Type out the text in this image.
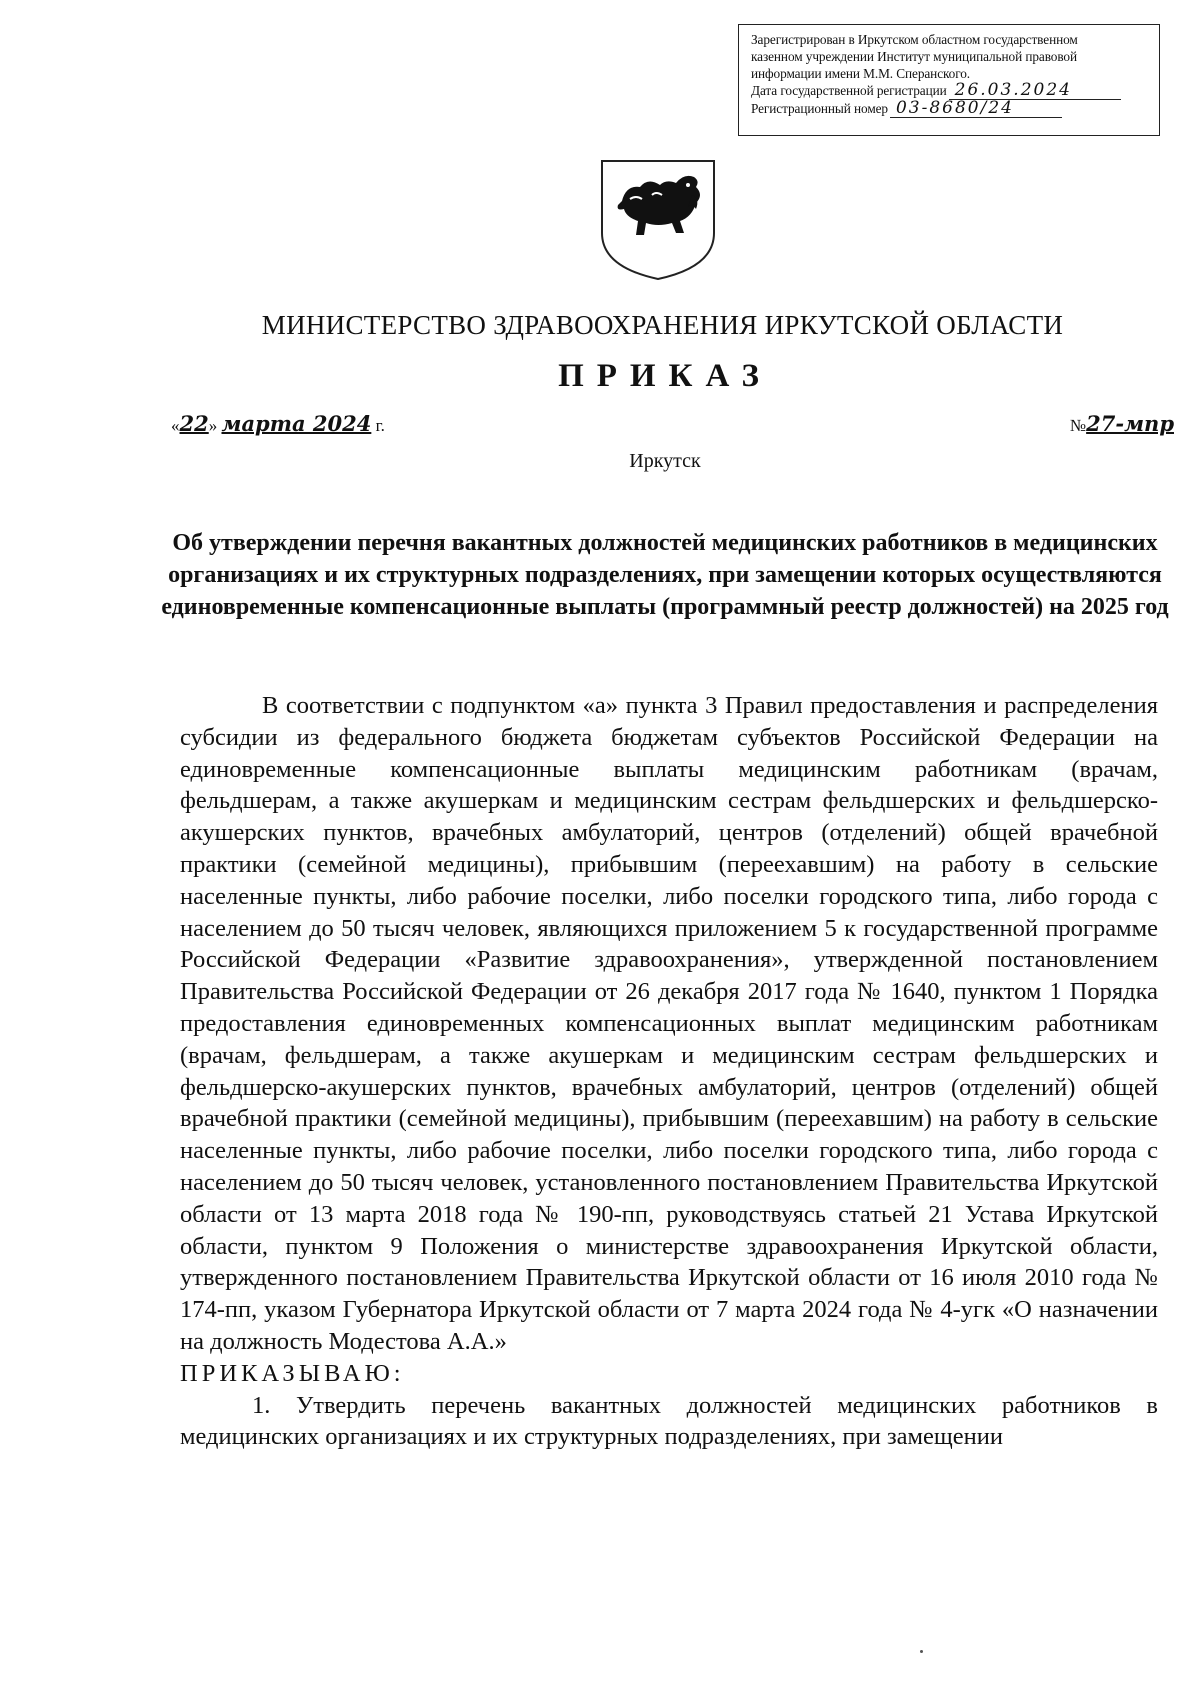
Зарегистрирован в Иркутском областном государственном
казенном учреждении Институт муниципальной правовой
информации имени М.М. Сперанского.
Дата государственной регистрации 26.03.2024
Регистрационный номер 03-8680/24
МИНИСТЕРСТВО ЗДРАВООХРАНЕНИЯ ИРКУТСКОЙ ОБЛАСТИ
ПРИКАЗ
«22» марта 2024 г.	№27-мпр
Иркутск
Об утверждении перечня вакантных должностей медицинских работников в медицинских организациях и их структурных подразделениях, при замещении которых осуществляются единовременные компенсационные выплаты (программный реестр должностей) на 2025 год

В соответствии с подпунктом «а» пункта 3 Правил предоставления и распределения субсидии из федерального бюджета бюджетам субъектов Российской Федерации на единовременные компенсационные выплаты медицинским работникам (врачам, фельдшерам, а также акушеркам и медицинским сестрам фельдшерских и фельдшерско-акушерских пунктов, врачебных амбулаторий, центров (отделений) общей врачебной практики (семейной медицины), прибывшим (переехавшим) на работу в сельские населенные пункты, либо рабочие поселки, либо поселки городского типа, либо города с населением до 50 тысяч человек, являющихся приложением 5 к государственной программе Российской Федерации «Развитие здравоохранения», утвержденной постановлением Правительства Российской Федерации от 26 декабря 2017 года № 1640, пунктом 1 Порядка предоставления единовременных компенсационных выплат медицинским работникам (врачам, фельдшерам, а также акушеркам и медицинским сестрам фельдшерских и фельдшерско-акушерских пунктов, врачебных амбулаторий, центров (отделений) общей врачебной практики (семейной медицины), прибывшим (переехавшим) на работу в сельские населенные пункты, либо рабочие поселки, либо поселки городского типа, либо города с населением до 50 тысяч человек, установленного постановлением Правительства Иркутской области от 13 марта 2018 года № 190-пп, руководствуясь статьей 21 Устава Иркутской области, пунктом 9 Положения о министерстве здравоохранения Иркутской области, утвержденного постановлением Правительства Иркутской области от 16 июля 2010 года № 174-пп, указом Губернатора Иркутской области от 7 марта 2024 года № 4-угк «О назначении на должность Модестова А.А.»

ПРИКАЗЫВАЮ:

1. Утвердить перечень вакантных должностей медицинских работников в медицинских организациях и их структурных подразделениях, при замещении
